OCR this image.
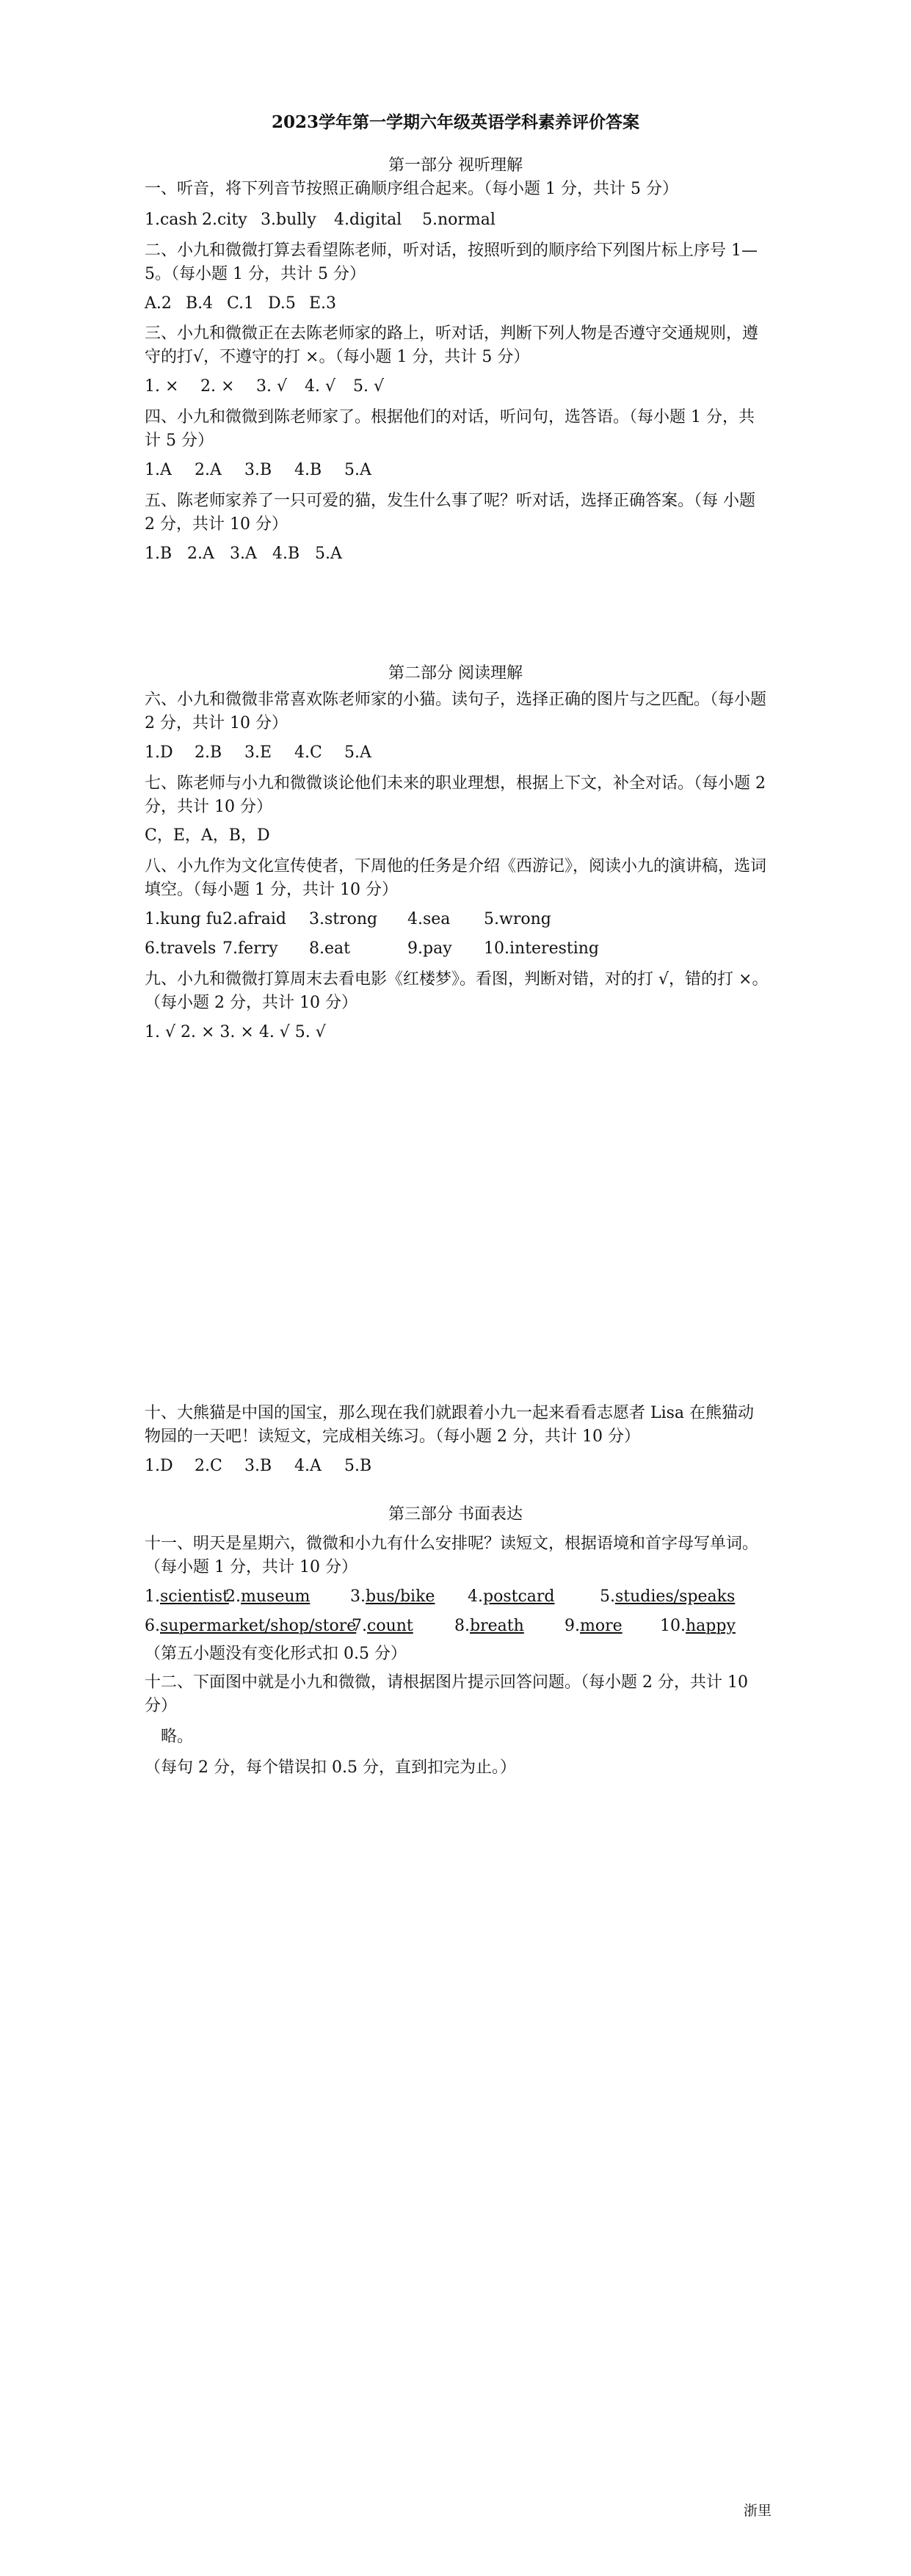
2023学年第一学期六年级英语学科素养评价答案
第一部分 视听理解

一、听音，将下列音节按照正确顺序组合起来。（每小题 1 分，共计 5 分）

1.cash 2.city 3.bully 4.digital 5.normal

二、小九和微微打算去看望陈老师，听对话，按照听到的顺序给下列图片标上序号 1—5。（每小题 1 分，共计 5 分）

A.2 B.4 C.1 D.5 E.3

三、小九和微微正在去陈老师家的路上，听对话，判断下列人物是否遵守交通规则，遵守的打√，不遵守的打 ×。（每小题 1 分，共计 5 分）

1. × 2. × 3. √ 4. √ 5. √

四、小九和微微到陈老师家了。根据他们的对话，听问句，选答语。（每小题 1 分，共计 5 分）

1.A 2.A 3.B 4.B 5.A

五、陈老师家养了一只可爱的猫，发生什么事了呢？听对话，选择正确答案。（每 小题 2 分，共计 10 分）

1.B 2.A 3.A 4.B 5.A

第二部分 阅读理解

六、小九和微微非常喜欢陈老师家的小猫。读句子，选择正确的图片与之匹配。（每小题 2 分，共计 10 分）

1.D 2.B 3.E 4.C 5.A

七、陈老师与小九和微微谈论他们未来的职业理想，根据上下文，补全对话。（每小题 2 分，共计 10 分）

C，E，A，B，D

八、小九作为文化宣传使者，下周他的任务是介绍《西游记》，阅读小九的演讲稿，选词填空。（每小题 1 分，共计 10 分）

1.kung fu2.afraid 3.strong 4.sea 5.wrong

6.travels 7.ferry 8.eat	9.pay 10.interesting

九、小九和微微打算周末去看电影《红楼梦》。看图，判断对错，对的打 √，错的打 ×。（每小题 2 分，共计 10 分）

1. √ 2. × 3. × 4. √ 5. √

十、大熊猫是中国的国宝，那么现在我们就跟着小九一起来看看志愿者 Lisa 在熊猫动物园的一天吧！读短文，完成相关练习。（每小题 2 分，共计 10 分）

1.D 2.C 3.B 4.A 5.B

第三部分 书面表达

十一、明天是星期六，微微和小九有什么安排呢？读短文，根据语境和首字母写单词。（每小题 1 分，共计 10 分）

1.scientist2.museum 3.bus/bike 4.postcard	5.studies/speaks

6.supermarket/shop/store7.count	8.breath	9.more 10.happy

（第五小题没有变化形式扣 0.5 分）

十二、下面图中就是小九和微微，请根据图片提示回答问题。（每小题 2 分，共计 10 分）

略。

（每句 2 分，每个错误扣 0.5 分，直到扣完为止。）

浙里
